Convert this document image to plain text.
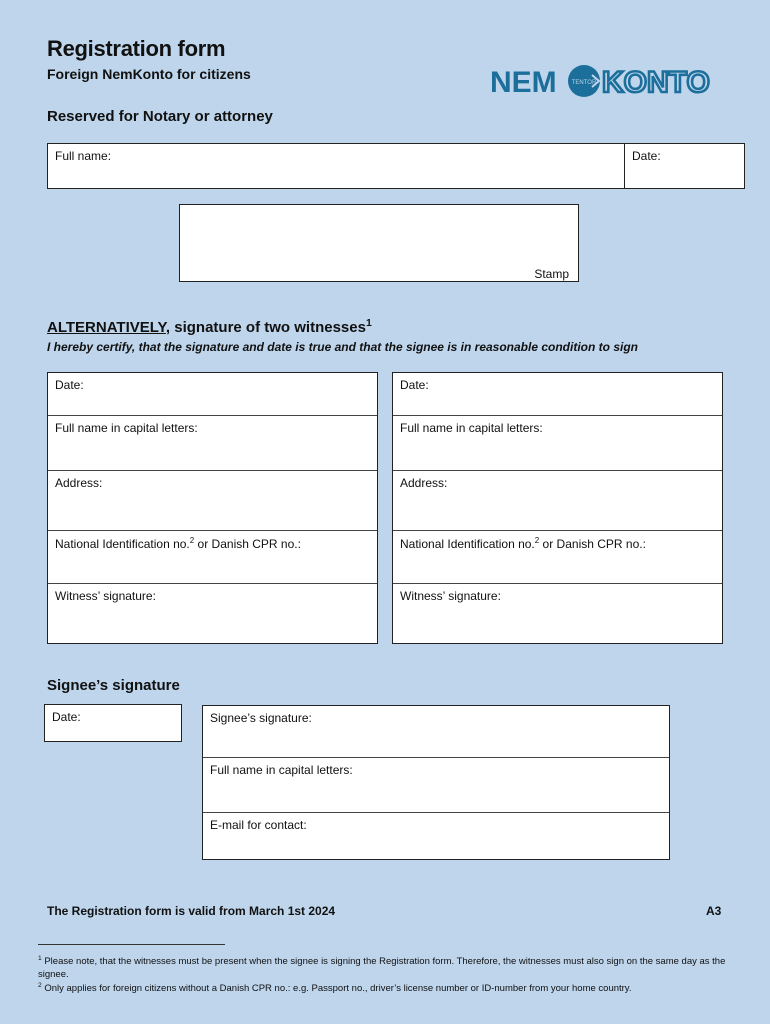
Registration form
Foreign NemKonto for citizens	NEM	TENTOR KONTO
Reserved for Notary or attorney
Full name:	Date:
Stamp
ALTERNATIVELY, signature of two witnesses$^1$
I hereby certify, that the signature and date is true and that the signee is in reasonable condition to sign
Date:
Full name in capital letters:
Address:
National Identification no.$^2$ or Danish CPR no.:
Witness’ signature:
Date:
Full name in capital letters:
Address:
National Identification no.$^2$ or Danish CPR no.:
Witness’ signature:
Signee’s signature
Date:	Signee’s signature:
Full name in capital letters:
E-mail for contact:
The Registration form is valid from March 1st 2024	A3
$^1$ Please note, that the witnesses must be present when the signee is signing the Registration form. Therefore, the witnesses must also sign on the same day as the signee.
$^2$ Only applies for foreign citizens without a Danish CPR no.: e.g. Passport no., driver’s license number or ID-number from your home country.
